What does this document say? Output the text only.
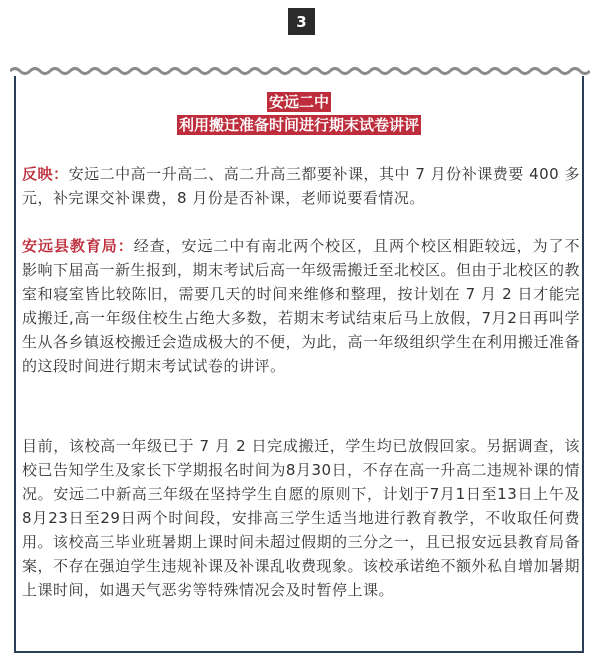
3
安远二中
利用搬迁准备时间进行期末试卷讲评

反映：安远二中高一升高二、高二升高三都要补课，其中 7 月份补课费要 400 多元，补完课交补课费，8 月份是否补课，老师说要看情况。

安远县教育局：经查，安远二中有南北两个校区，且两个校区相距较远，为了不影响下届高一新生报到，期末考试后高一年级需搬迁至北校区。但由于北校区的教室和寝室皆比较陈旧，需要几天的时间来维修和整理，按计划在 7 月 2 日才能完成搬迁,高一年级住校生占绝大多数，若期末考试结束后马上放假，7月2日再叫学生从各乡镇返校搬迁会造成极大的不便，为此，高一年级组织学生在利用搬迁准备的这段时间进行期末考试试卷的讲评。

目前，该校高一年级已于 7 月 2 日完成搬迁，学生均已放假回家。另据调查，该校已告知学生及家长下学期报名时间为8月30日，不存在高一升高二违规补课的情况。安远二中新高三年级在坚持学生自愿的原则下，计划于7月1日至13日上午及8月23日至29日两个时间段，安排高三学生适当地进行教育教学，不收取任何费用。该校高三毕业班暑期上课时间未超过假期的三分之一，且已报安远县教育局备案，不存在强迫学生违规补课及补课乱收费现象。该校承诺绝不额外私自增加暑期上课时间，如遇天气恶劣等特殊情况会及时暂停上课。
